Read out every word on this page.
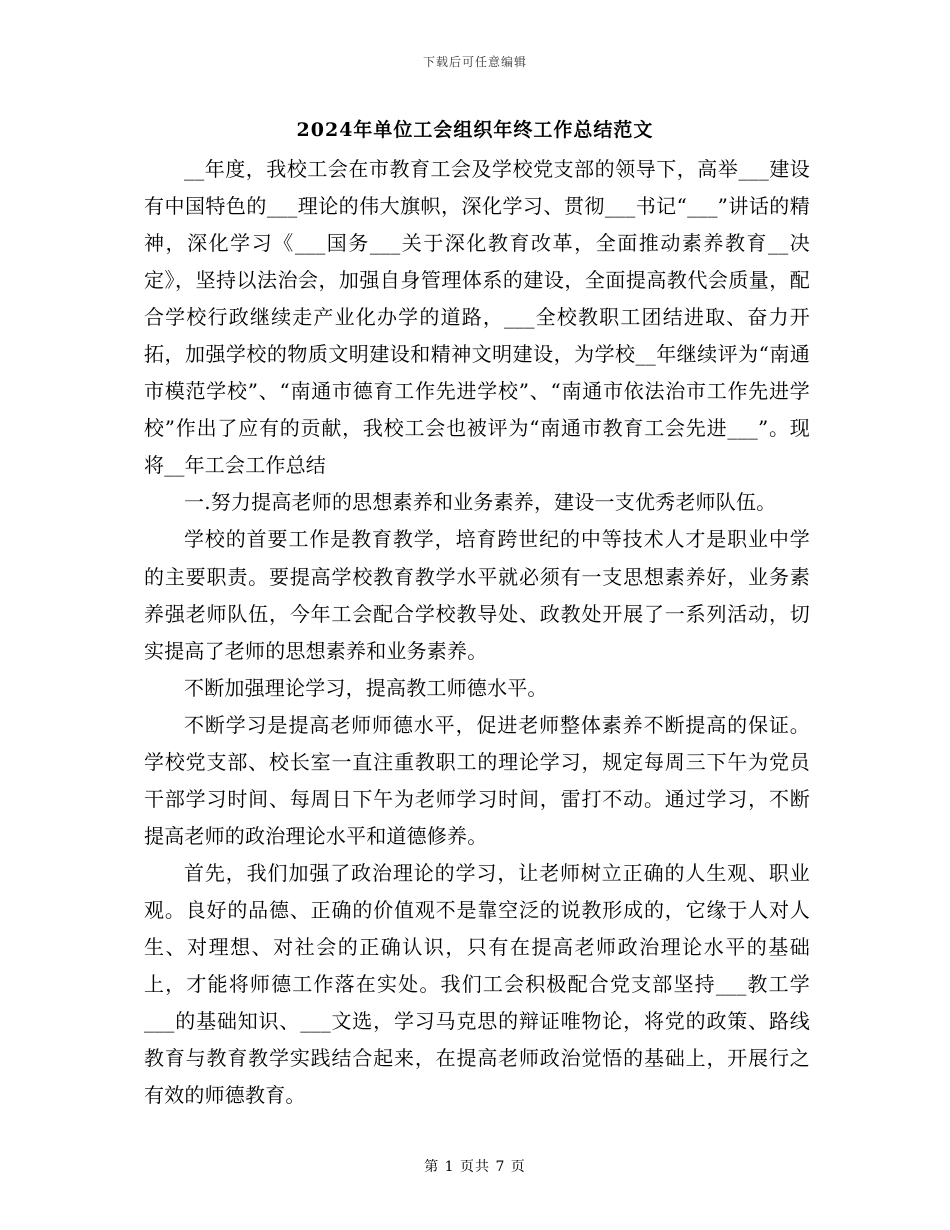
下载后可任意编辑
2024年单位工会组织年终工作总结范文

__年度，我校工会在市教育工会及学校党支部的领导下，高举___建设有中国特色的___理论的伟大旗帜，深化学习、贯彻___书记“___”讲话的精神，深化学习《___国务___关于深化教育改革，全面推动素养教育__决定》，坚持以法治会，加强自身管理体系的建设，全面提高教代会质量，配合学校行政继续走产业化办学的道路，___全校教职工团结进取、奋力开拓，加强学校的物质文明建设和精神文明建设，为学校__年继续评为“南通市模范学校”、“南通市德育工作先进学校”、“南通市依法治市工作先进学校”作出了应有的贡献，我校工会也被评为“南通市教育工会先进___”。现将__年工会工作总结

一.努力提高老师的思想素养和业务素养，建设一支优秀老师队伍。

学校的首要工作是教育教学，培育跨世纪的中等技术人才是职业中学的主要职责。要提高学校教育教学水平就必须有一支思想素养好，业务素养强老师队伍，今年工会配合学校教导处、政教处开展了一系列活动，切实提高了老师的思想素养和业务素养。

不断加强理论学习，提高教工师德水平。

不断学习是提高老师师德水平，促进老师整体素养不断提高的保证。学校党支部、校长室一直注重教职工的理论学习，规定每周三下午为党员干部学习时间、每周日下午为老师学习时间，雷打不动。通过学习，不断提高老师的政治理论水平和道德修养。

首先，我们加强了政治理论的学习，让老师树立正确的人生观、职业观。良好的品德、正确的价值观不是靠空泛的说教形成的，它缘于人对人生、对理想、对社会的正确认识，只有在提高老师政治理论水平的基础上，才能将师德工作落在实处。我们工会积极配合党支部坚持___教工学___的基础知识、___文选，学习马克思的辩证唯物论，将党的政策、路线教育与教育教学实践结合起来，在提高老师政治觉悟的基础上，开展行之有效的师德教育。

第 1 页共 7 页
